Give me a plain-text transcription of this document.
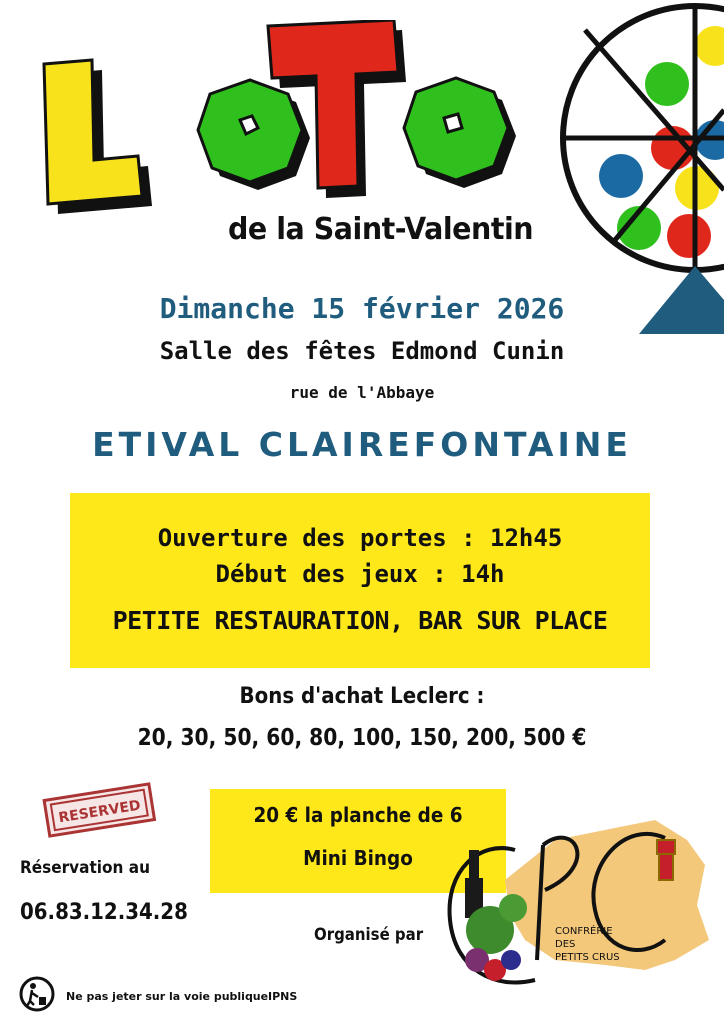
de la Saint-Valentin
Dimanche 15 février 2026
Salle des fêtes Edmond Cunin
rue de l'Abbaye
ETIVAL CLAIREFONTAINE
Ouverture des portes : 12h45
Début des jeux : 14h
PETITE RESTAURATION, BAR SUR PLACE
Bons d'achat Leclerc :
20, 30, 50, 60, 80, 100, 150, 200, 500 €
RESERVED
Réservation au
06.83.12.34.28
20 € la planche de 6
Mini Bingo
Organisé par	CONFRÉRIE
DES
PETITS CRUS
Ne pas jeter sur la voie publique IPNS
